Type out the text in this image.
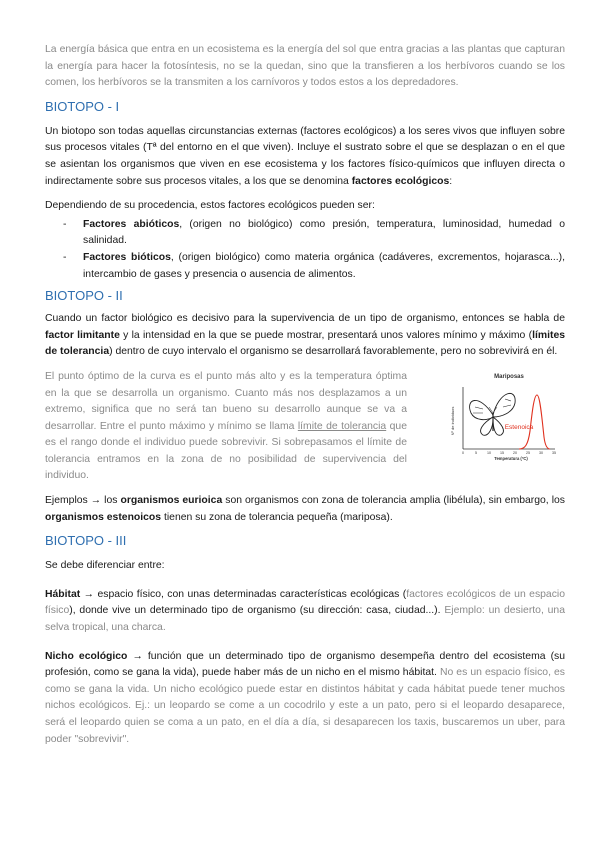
La energía básica que entra en un ecosistema es la energía del sol que entra gracias a las plantas que capturan la energía para hacer la fotosíntesis, no se la quedan, sino que la transfieren a los herbívoros cuando se los comen, los herbívoros se la transmiten a los carnívoros y todos estos a los depredadores.

BIOTOPO - I

Un biotopo son todas aquellas circunstancias externas (factores ecológicos) a los seres vivos que influyen sobre sus procesos vitales (Tª del entorno en el que viven). Incluye el sustrato sobre el que se desplazan o en el que se asientan los organismos que viven en ese ecosistema y los factores físico-químicos que influyen directa o indirectamente sobre sus procesos vitales, a los que se denomina factores ecológicos:

Dependiendo de su procedencia, estos factores ecológicos pueden ser:

- Factores abióticos, (origen no biológico) como presión, temperatura, luminosidad, humedad o salinidad.
- Factores bióticos, (origen biológico) como materia orgánica (cadáveres, excrementos, hojarasca...), intercambio de gases y presencia o ausencia de alimentos.
BIOTOPO - II

Cuando un factor biológico es decisivo para la supervivencia de un tipo de organismo, entonces se habla de factor limitante y la intensidad en la que se puede mostrar, presentará unos valores mínimo y máximo (límites de tolerancia) dentro de cuyo intervalo el organismo se desarrollará favorablemente, pero no sobrevivirá en él.

El punto óptimo de la curva es el punto más alto y es la temperatura óptima en la que se desarrolla un organismo. Cuanto más nos desplazamos a un extremo, significa que no será tan bueno su desarrollo aunque se va a desarrollar. Entre el punto máximo y mínimo se llama límite de tolerancia que es el rango donde el individuo puede sobrevivir. Si sobrepasamos el límite de tolerancia entramos en la zona de no posibilidad de supervivencia del individuo.

Mariposas
Nº de individuos	Estenoica
0	5	10	15	20	25	30	35
Temperatura (ºC)

Ejemplos → los organismos eurioica son organismos con zona de tolerancia amplia (libélula), sin embargo, los organismos estenoicos tienen su zona de tolerancia pequeña (mariposa).

BIOTOPO - III

Se debe diferenciar entre:

Hábitat → espacio físico, con unas determinadas características ecológicas (factores ecológicos de un espacio físico), donde vive un determinado tipo de organismo (su dirección: casa, ciudad...). Ejemplo: un desierto, una selva tropical, una charca.

Nicho ecológico → función que un determinado tipo de organismo desempeña dentro del ecosistema (su profesión, como se gana la vida), puede haber más de un nicho en el mismo hábitat. No es un espacio físico, es como se gana la vida. Un nicho ecológico puede estar en distintos hábitat y cada hábitat puede tener muchos nichos ecológicos. Ej.: un leopardo se come a un cocodrilo y este a un pato, pero si el leopardo desaparece, será el leopardo quien se coma a un pato, en el día a día, si desaparecen los taxis, buscaremos un uber, para poder "sobrevivir".
